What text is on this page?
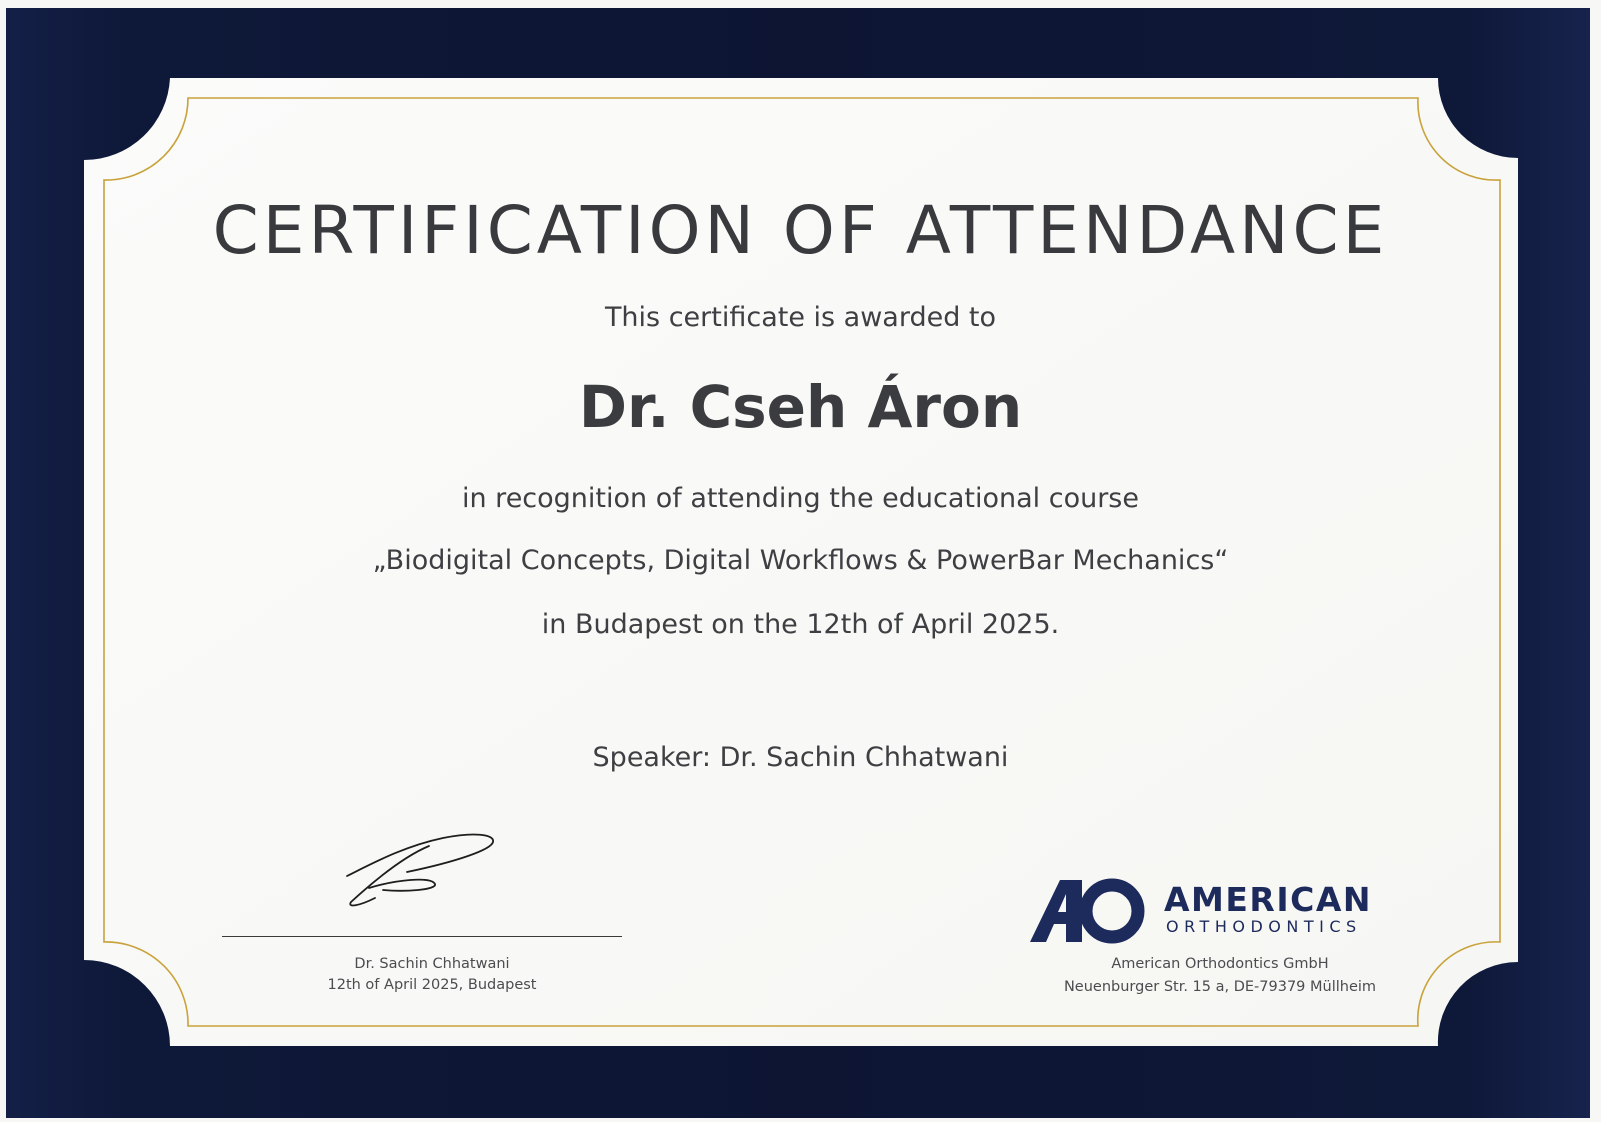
CERTIFICATION OF ATTENDANCE

This certificate is awarded to

Dr. Cseh Áron

in recognition of attending the educational course

„Biodigital Concepts, Digital Workflows & PowerBar Mechanics“

in Budapest on the 12th of April 2025.

Speaker: Dr. Sachin Chhatwani

Dr. Sachin Chhatwani

12th of April 2025, Budapest

AMERICAN

ORTHODONTICS

American Orthodontics GmbH

Neuenburger Str. 15 a, DE-79379 Müllheim
